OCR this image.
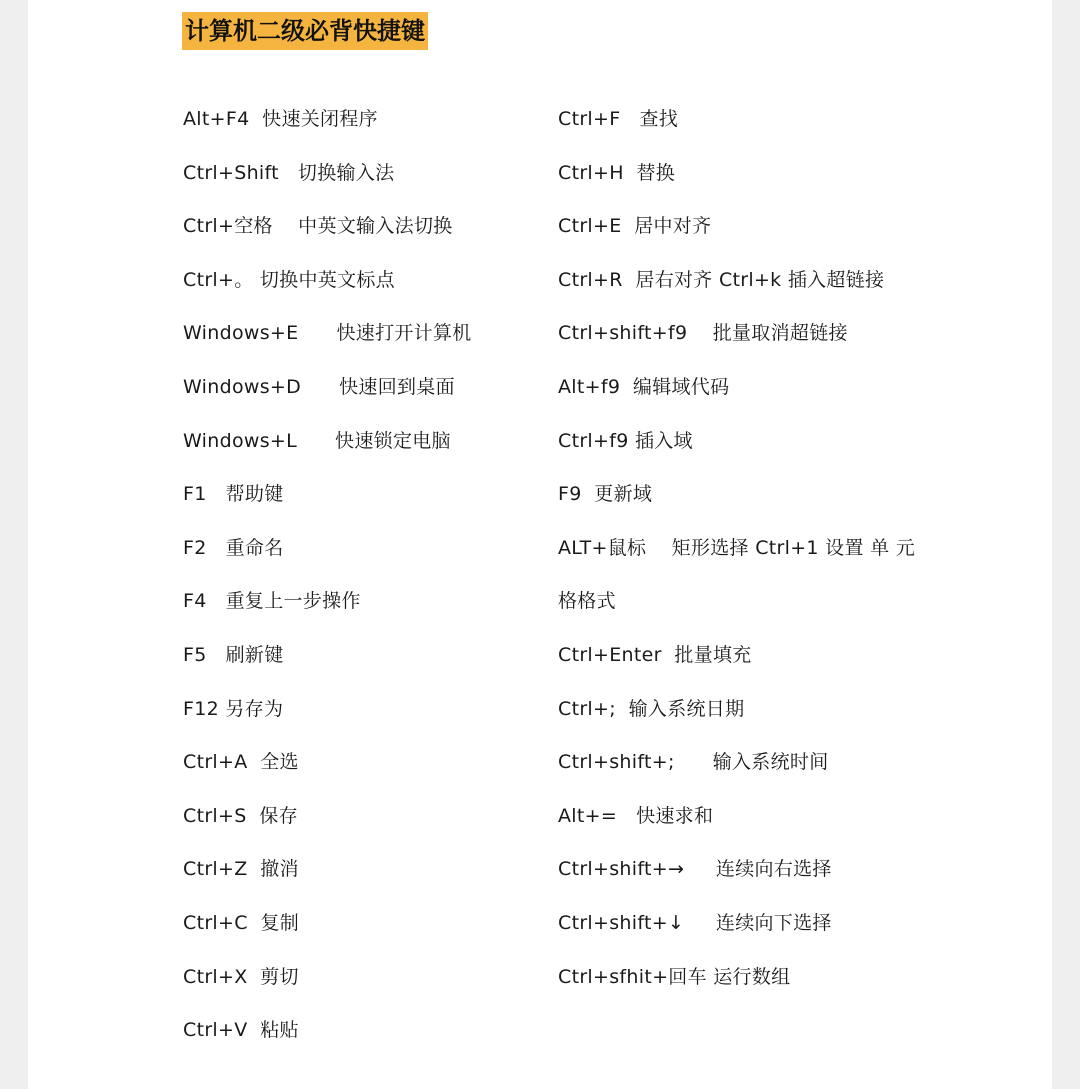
计算机二级必背快捷键
Alt+F4  快速关闭程序
Ctrl+Shift   切换输入法
Ctrl+空格    中英文输入法切换
Ctrl+。 切换中英文标点
Windows+E      快速打开计算机
Windows+D      快速回到桌面
Windows+L      快速锁定电脑
F1   帮助键
F2   重命名
F4   重复上一步操作
F5   刷新键
F12 另存为
Ctrl+A  全选
Ctrl+S  保存
Ctrl+Z  撤消
Ctrl+C  复制
Ctrl+X  剪切
Ctrl+V  粘贴
Ctrl+F   查找
Ctrl+H  替换
Ctrl+E  居中对齐
Ctrl+R  居右对齐 Ctrl+k 插入超链接
Ctrl+shift+f9    批量取消超链接
Alt+f9  编辑域代码
Ctrl+f9 插入域
F9  更新域
ALT+鼠标    矩形选择 Ctrl+1 设置 单 元
格格式
Ctrl+Enter  批量填充
Ctrl+;  输入系统日期
Ctrl+shift+;      输入系统时间
Alt+=   快速求和
Ctrl+shift+→     连续向右选择
Ctrl+shift+↓     连续向下选择
Ctrl+sfhit+回车 运行数组
